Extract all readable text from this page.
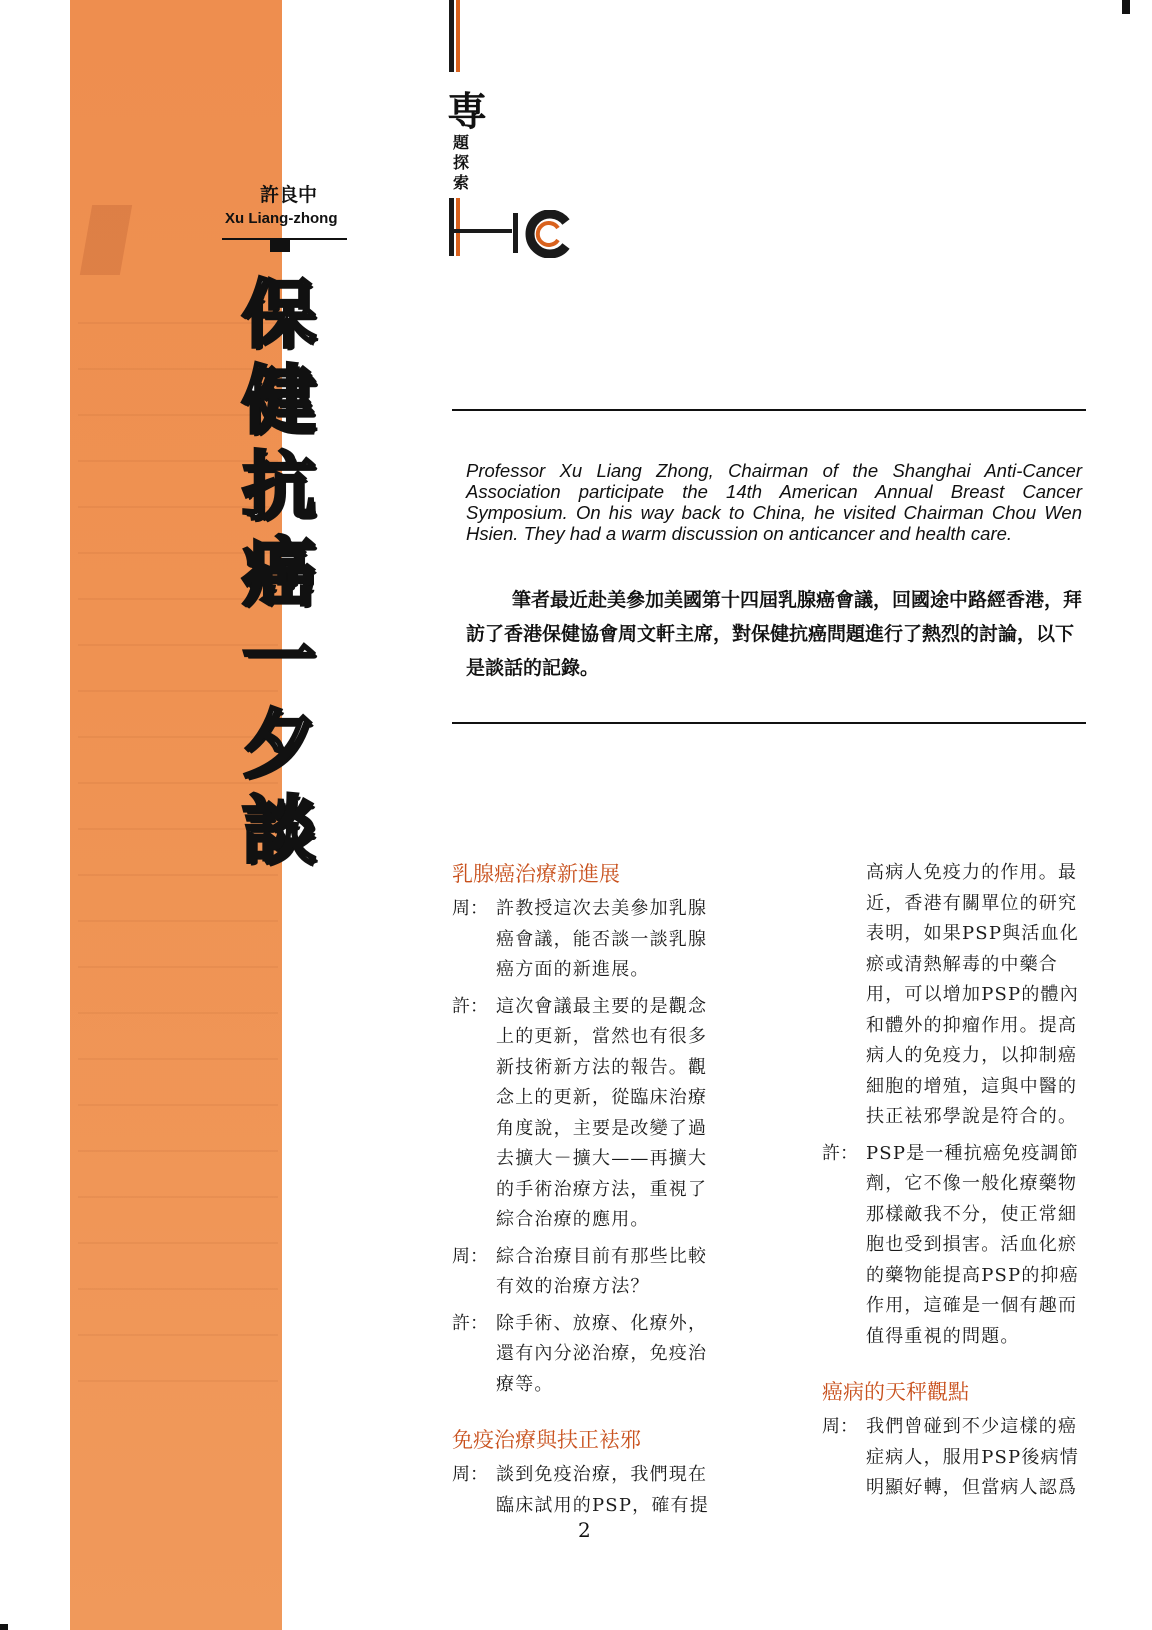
許良中
Xu Liang-zhong
保
健
抗
癌
一
夕
談
専
題探索
Professor Xu Liang Zhong, Chairman of the Shanghai Anti-Cancer Association participate the 14th American Annual Breast Cancer Symposium. On his way back to China, he visited Chairman Chou Wen Hsien. They had a warm discussion on anticancer and health care.
筆者最近赴美參加美國第十四屆乳腺癌會議，回國途中路經香港，拜訪了香港保健協會周文軒主席，對保健抗癌問題進行了熱烈的討論，以下是談話的記錄。
乳腺癌治療新進展
周： 許教授這次去美參加乳腺
癌會議，能否談一談乳腺
癌方面的新進展。
許： 這次會議最主要的是觀念
上的更新，當然也有很多
新技術新方法的報告。觀
念上的更新，從臨床治療
角度說，主要是改變了過
去擴大－擴大——再擴大
的手術治療方法，重視了
綜合治療的應用。
周： 綜合治療目前有那些比較
有效的治療方法？
許： 除手術、放療、化療外，
還有內分泌治療，免疫治
療等。
免疫治療與扶正袪邪
周： 談到免疫治療，我們現在
臨床試用的PSP，確有提
高病人免疫力的作用。最
近，香港有關單位的研究
表明，如果PSP與活血化
瘀或清熱解毒的中藥合
用，可以增加PSP的體內
和體外的抑瘤作用。提高
病人的免疫力，以抑制癌
細胞的增殖，這與中醫的
扶正袪邪學說是符合的。
許： PSP是一種抗癌免疫調節
劑，它不像一般化療藥物
那樣敵我不分，使正常細
胞也受到損害。活血化瘀
的藥物能提高PSP的抑癌
作用，這確是一個有趣而
值得重視的問題。
癌病的天秤觀點
周： 我們曾碰到不少這樣的癌
症病人，服用PSP後病情
明顯好轉，但當病人認爲
2
